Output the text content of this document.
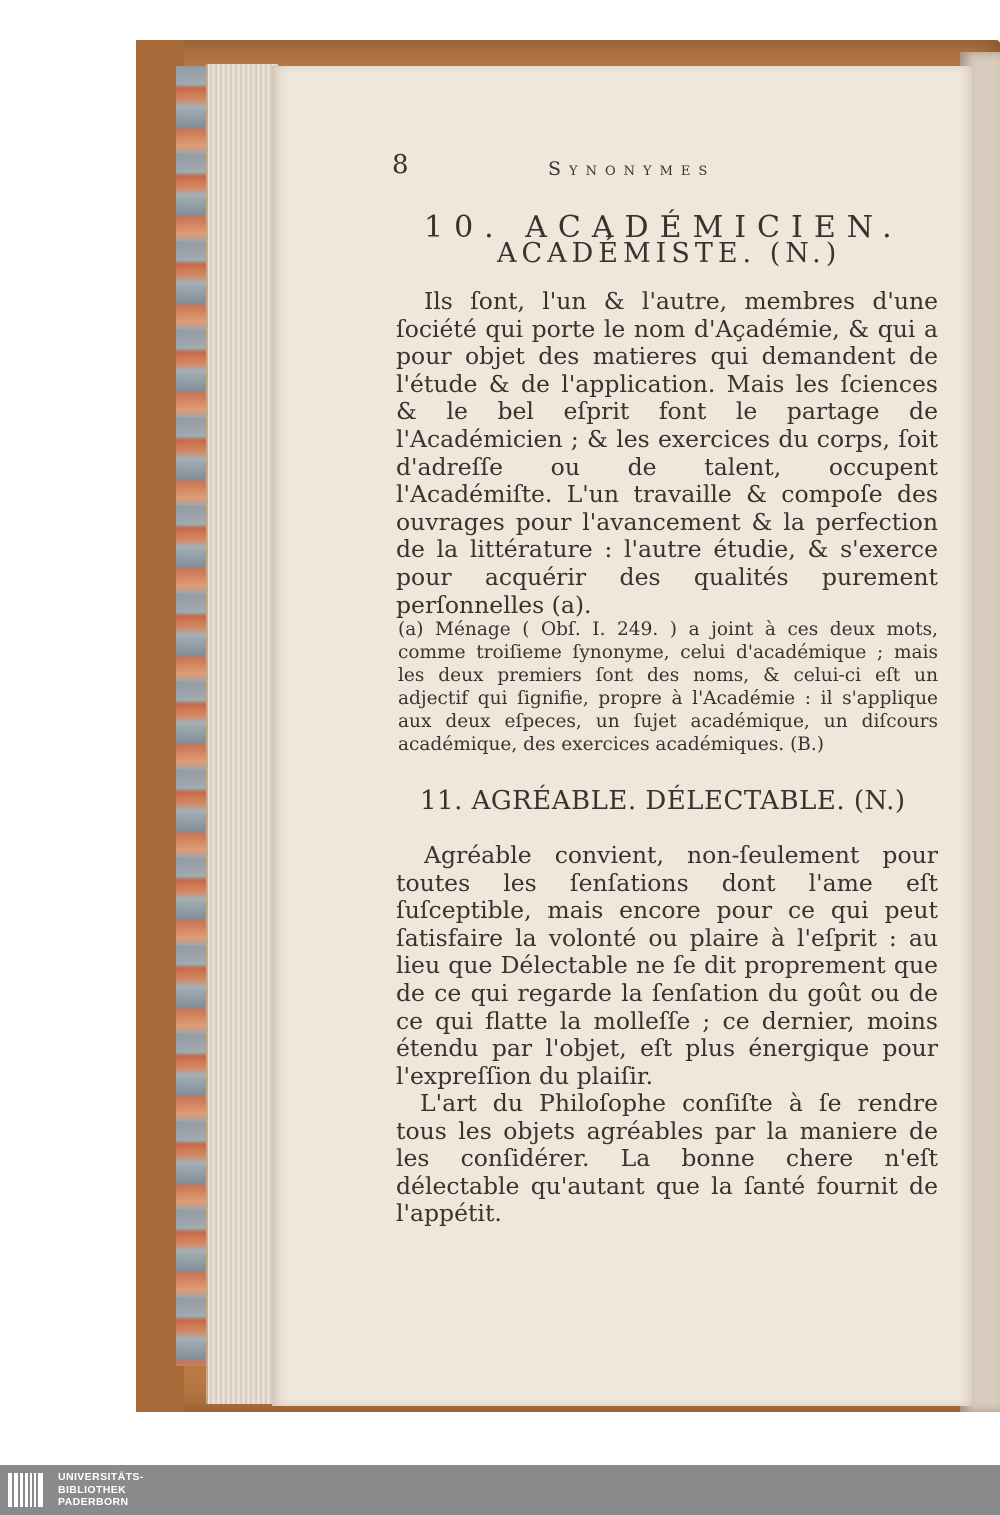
8	Synonymes
10. ACADÉMICIEN.
ACADÉMISTE. (N.)

Ils ſont, l'un & l'autre, membres d'une ſociété qui porte le nom d'Açadémie, & qui a pour objet des matieres qui demandent de l'étude & de l'application. Mais les ſciences & le bel eſprit font le partage de l'Académicien ; & les exercices du corps, ſoit d'adreſſe ou de talent, occupent l'Académiſte. L'un travaille & compoſe des ouvrages pour l'avancement & la perfection de la littérature : l'autre étudie, & s'exerce pour acquérir des qualités purement perſonnelles (a).

(a) Ménage ( Obſ. I. 249. ) a joint à ces deux mots, comme troiſieme ſynonyme, celui d'académique ; mais les deux premiers ſont des noms, & celui-ci eſt un adjectif qui ſignifie, propre à l'Académie : il s'applique aux deux eſpeces, un ſujet académique, un diſcours académique, des exercices académiques. (B.)
11. AGRÉABLE. DÉLECTABLE. (N.)

Agréable convient, non-ſeulement pour toutes les ſenſations dont l'ame eſt ſuſceptible, mais encore pour ce qui peut ſatisfaire la volonté ou plaire à l'eſprit : au lieu que Délectable ne ſe dit proprement que de ce qui regarde la ſenſation du goût ou de ce qui flatte la molleſſe ; ce dernier, moins étendu par l'objet, eſt plus énergique pour l'expreſſion du plaiſir.

L'art du Philoſophe conſiſte à ſe rendre tous les objets agréables par la maniere de les conſidérer. La bonne chere n'eſt délectable qu'autant que la ſanté fournit de l'appétit.

UNIVERSITÄTS-
BIBLIOTHEK
PADERBORN
